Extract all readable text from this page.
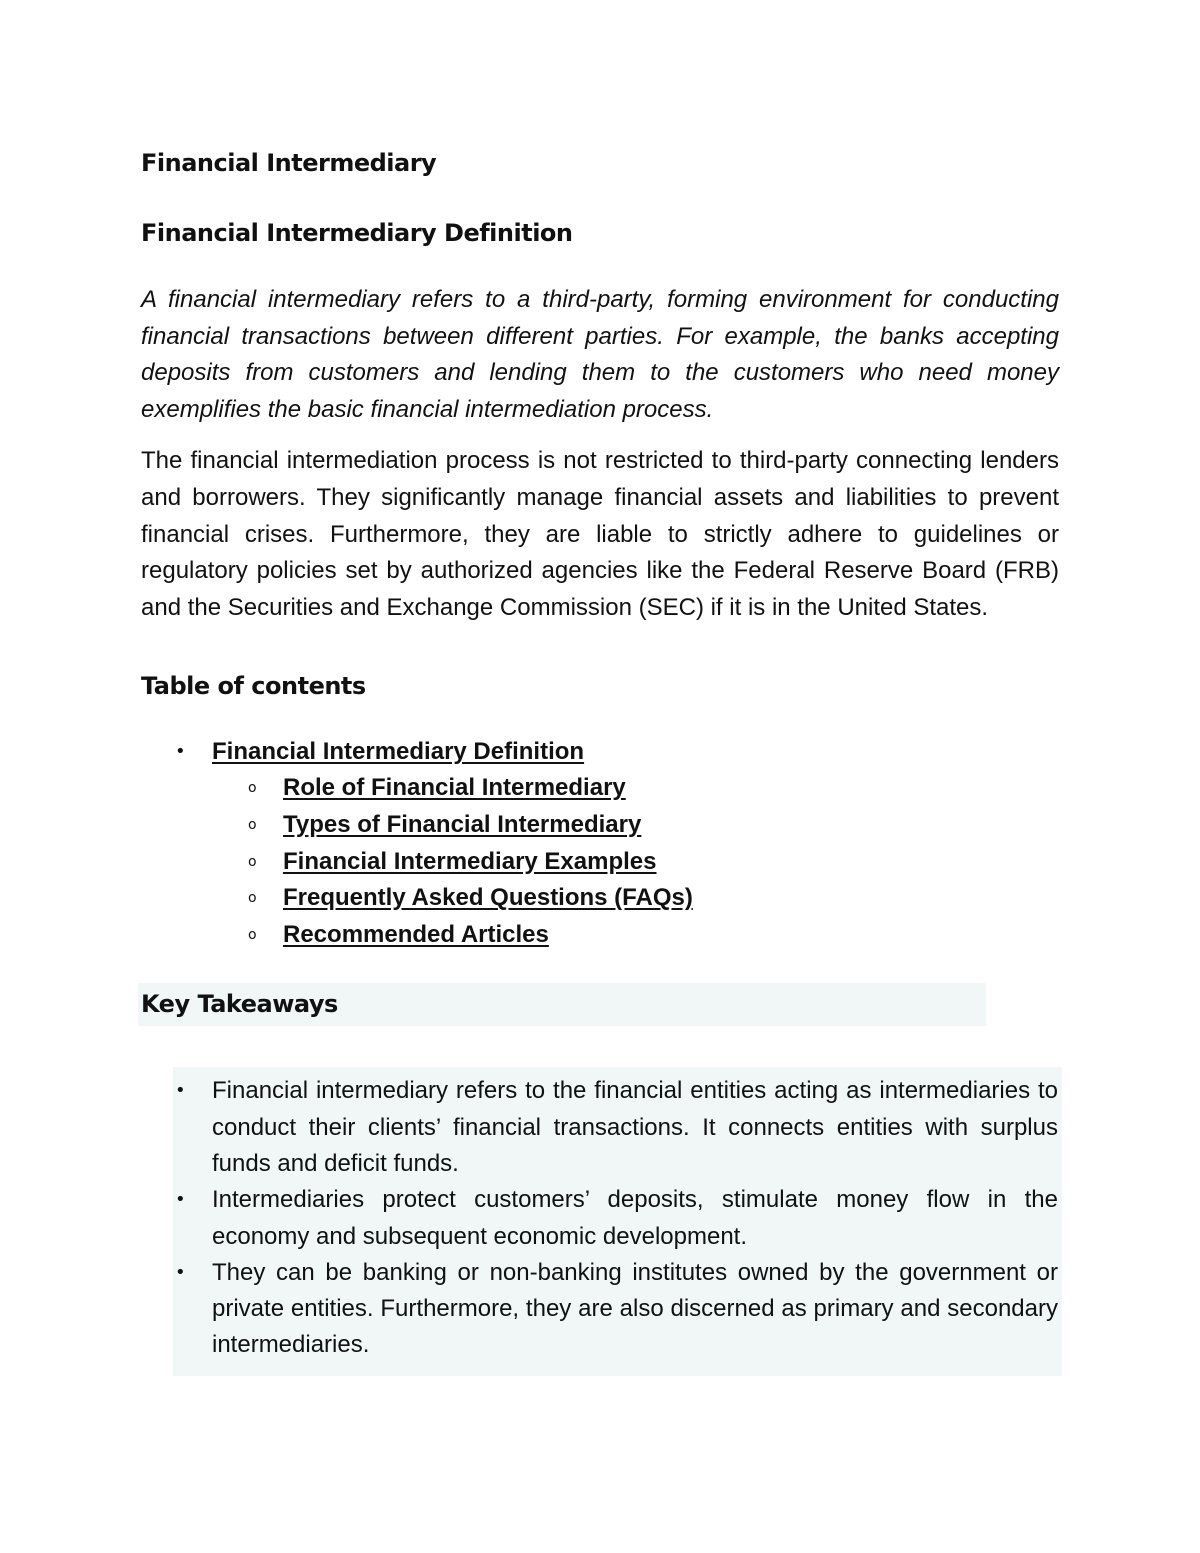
Financial Intermediary
Financial Intermediary Definition

A financial intermediary refers to a third-party, forming environment for conducting financial transactions between different parties. For example, the banks accepting deposits from customers and lending them to the customers who need money exemplifies the basic financial intermediation process.

The financial intermediation process is not restricted to third-party connecting lenders and borrowers. They significantly manage financial assets and liabilities to prevent financial crises. Furthermore, they are liable to strictly adhere to guidelines or regulatory policies set by authorized agencies like the Federal Reserve Board (FRB) and the Securities and Exchange Commission (SEC) if it is in the United States.

Table of contents
• Financial Intermediary Definition
o Role of Financial Intermediary
o Types of Financial Intermediary
o Financial Intermediary Examples
o Frequently Asked Questions (FAQs)
o Recommended Articles
Key Takeaways
• Financial intermediary refers to the financial entities acting as intermediaries to conduct their clients’ financial transactions. It connects entities with surplus funds and deficit funds.
• Intermediaries protect customers’ deposits, stimulate money flow in the economy and subsequent economic development.
• They can be banking or non-banking institutes owned by the government or private entities. Furthermore, they are also discerned as primary and secondary intermediaries.
